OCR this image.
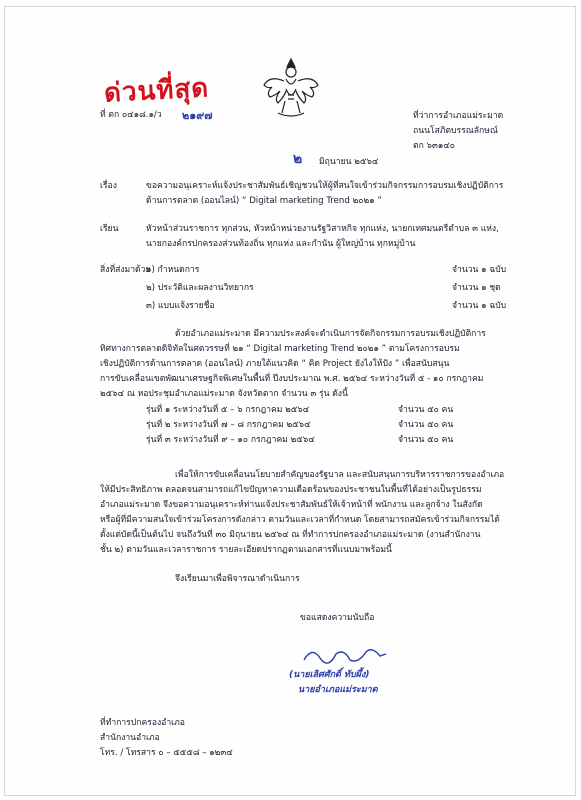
ด่วนที่สุด
ที่ ตก ๐๔๑๘.๑/ว ๒๑๙๗	ที่ว่าการอำเภอแม่ระมาด
ถนนโสภิตบรรณลักษณ์
ตก ๖๓๑๔๐
๒ มิถุนายน ๒๕๖๔
เรื่อง	ขอความอนุเคราะห์แจ้งประชาสัมพันธ์เชิญชวนให้ผู้ที่สนใจเข้าร่วมกิจกรรมการอบรมเชิงปฏิบัติการ
ด้านการตลาด (ออนไลน์) “ Digital marketing Trend ๒๐๒๑ ”
เรียน	หัวหน้าส่วนราชการ ทุกส่วน, หัวหน้าหน่วยงานรัฐวิสาหกิจ ทุกแห่ง, นายกเทศมนตรีตำบล ๓ แห่ง,
นายกองค์กรปกครองส่วนท้องถิ่น ทุกแห่ง และกำนัน ผู้ใหญ่บ้าน ทุกหมู่บ้าน
สิ่งที่ส่งมาด้วย
๑) กำหนดการ	จำนวน ๑ ฉบับ
๒) ประวัติและผลงานวิทยากร	จำนวน ๑ ชุด
๓) แบบแจ้งรายชื่อ	จำนวน ๑ ฉบับ
ด้วยอำเภอแม่ระมาด มีความประสงค์จะดำเนินการจัดกิจกรรมการอบรมเชิงปฏิบัติการ
ทิศทางการตลาดดิจิทัลในศตวรรษที่ ๒๑ “ Digital marketing Trend ๒๐๒๑ ” ตามโครงการอบรม
เชิงปฏิบัติการด้านการตลาด (ออนไลน์) ภายใต้แนวคิด “ คิด Project ยังไงให้ปัง ” เพื่อสนับสนุน
การขับเคลื่อนเขตพัฒนาเศรษฐกิจพิเศษในพื้นที่ ปีงบประมาณ พ.ศ. ๒๕๖๔ ระหว่างวันที่ ๕ - ๑๐ กรกฎาคม
๒๕๖๔ ณ หอประชุมอำเภอแม่ระมาด จังหวัดตาก จำนวน ๓ รุ่น ดังนี้
รุ่นที่ ๑ ระหว่างวันที่ ๕ – ๖ กรกฎาคม ๒๕๖๔	จำนวน ๕๐ คน
รุ่นที่ ๒ ระหว่างวันที่ ๗ – ๘ กรกฎาคม ๒๕๖๔	จำนวน ๕๐ คน
รุ่นที่ ๓ ระหว่างวันที่ ๙ – ๑๐ กรกฎาคม ๒๕๖๔	จำนวน ๕๐ คน
เพื่อให้การขับเคลื่อนนโยบายสำคัญของรัฐบาล และสนับสนุนการบริหารราชการของอำเภอ
ให้มีประสิทธิภาพ ตลอดจนสามารถแก้ไขปัญหาความเดือดร้อนของประชาชนในพื้นที่ได้อย่างเป็นรูปธรรม
อำเภอแม่ระมาด จึงขอความอนุเคราะห์ท่านแจ้งประชาสัมพันธ์ให้เจ้าหน้าที่ พนักงาน และลูกจ้าง ในสังกัด
หรือผู้ที่มีความสนใจเข้าร่วมโครงการดังกล่าว ตามวันและเวลาที่กำหนด โดยสามารถสมัครเข้าร่วมกิจกรรมได้
ตั้งแต่บัดนี้เป็นต้นไป จนถึงวันที่ ๓๐ มิถุนายน ๒๕๖๔ ณ ที่ทำการปกครองอำเภอแม่ระมาด (งานสำนักงาน
ชั้น ๒) ตามวันและเวลาราชการ รายละเอียดปรากฏตามเอกสารที่แนบมาพร้อมนี้
จึงเรียนมาเพื่อพิจารณาดำเนินการ
ขอแสดงความนับถือ
(นายเลิศศักดิ์ ทับผึ้ง)
นายอำเภอแม่ระมาด
ที่ทำการปกครองอำเภอ
สำนักงานอำเภอ
โทร. / โทรสาร ๐ – ๕๕๕๘ – ๑๒๓๔
